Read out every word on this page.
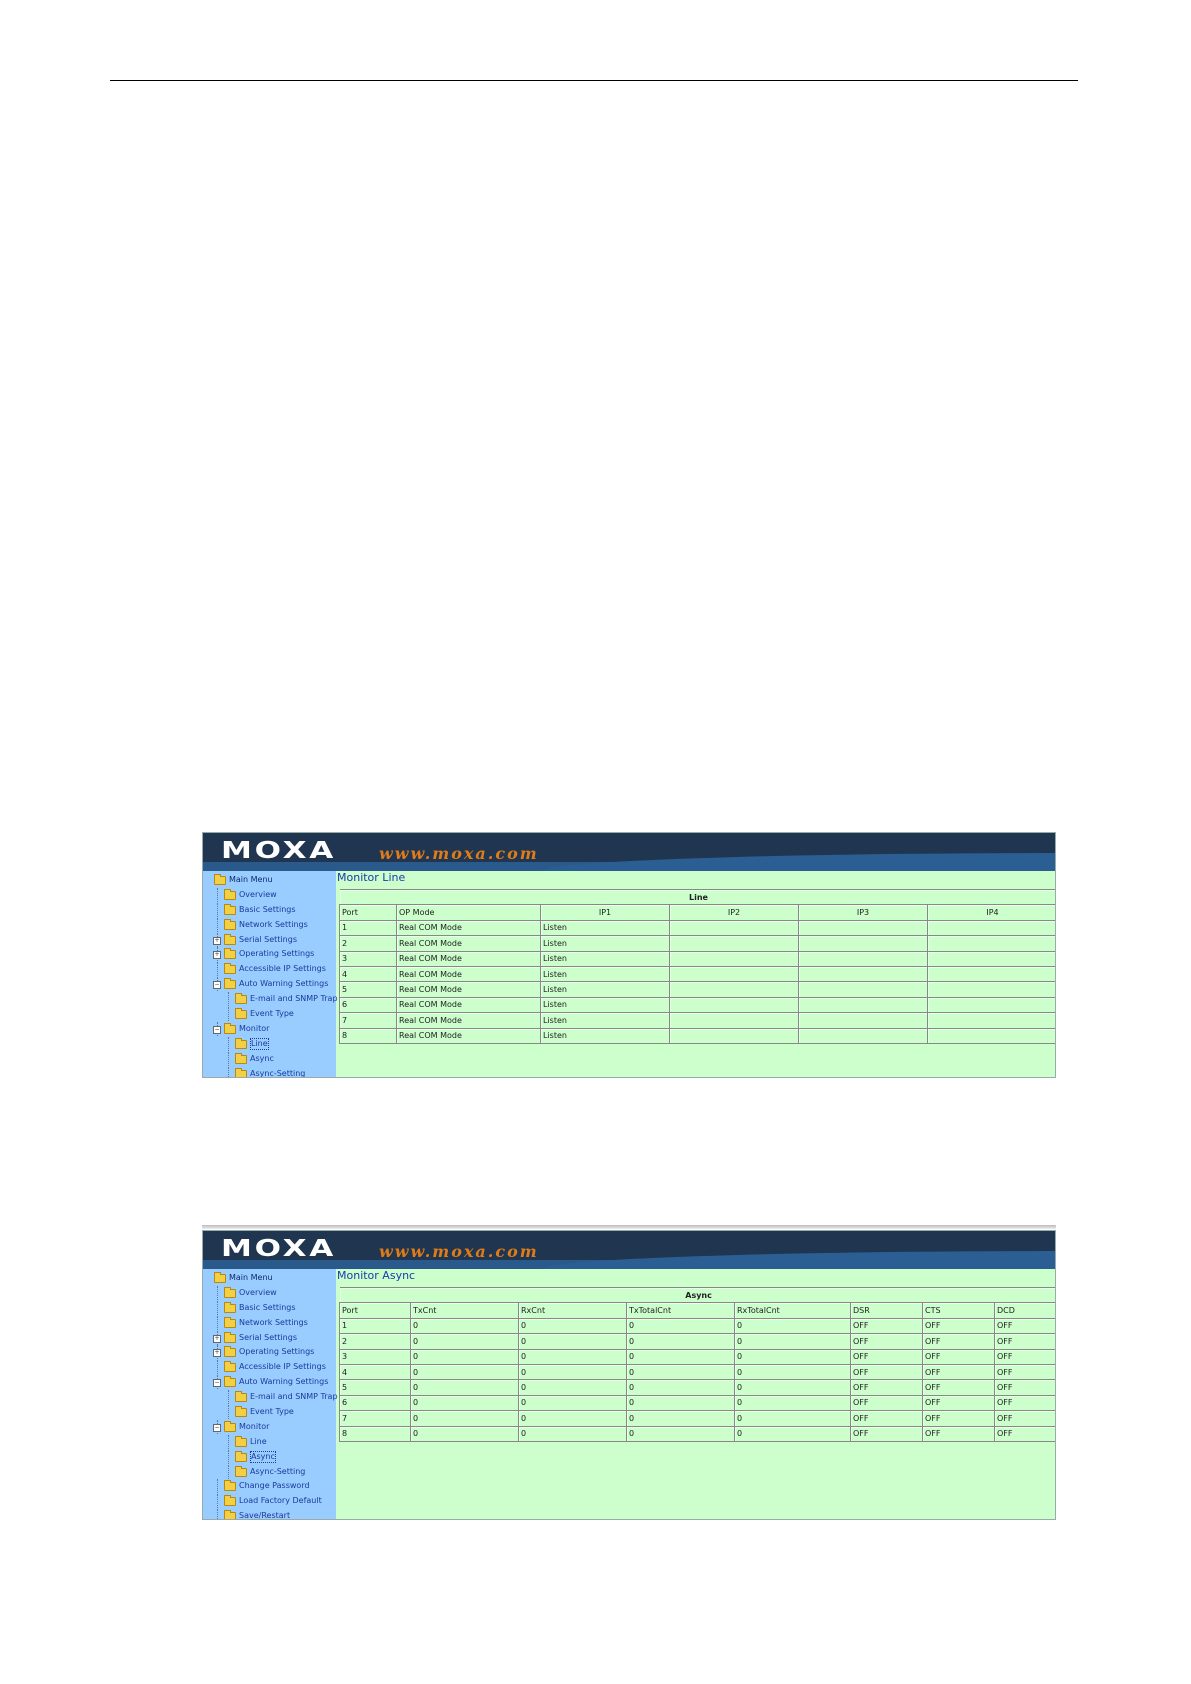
MOXA	www.moxa.com
Main Menu
Overview
Basic Settings
Network Settings
+ Serial Settings
+ Operating Settings
Accessible IP Settings
− Auto Warning Settings
E-mail and SNMP Trap
Event Type
− Monitor
Line
Async
Async-Setting
Monitor Line
Line					
Port	OP Mode	IP1	IP2	IP3	IP4
1	Real COM Mode	Listen			
2	Real COM Mode	Listen			
3	Real COM Mode	Listen			
4	Real COM Mode	Listen			
5	Real COM Mode	Listen			
6	Real COM Mode	Listen			
7	Real COM Mode	Listen			
8	Real COM Mode	Listen			
MOXA	www.moxa.com
Main Menu
Overview
Basic Settings
Network Settings
+ Serial Settings
+ Operating Settings
Accessible IP Settings
− Auto Warning Settings
E-mail and SNMP Trap
Event Type
− Monitor
Line
Async
Async-Setting
Change Password
Load Factory Default
Save/Restart
Monitor Async
Async							
Port	TxCnt	RxCnt	TxTotalCnt	RxTotalCnt	DSR	CTS	DCD
1	0	0	0	0	OFF	OFF	OFF
2	0	0	0	0	OFF	OFF	OFF
3	0	0	0	0	OFF	OFF	OFF
4	0	0	0	0	OFF	OFF	OFF
5	0	0	0	0	OFF	OFF	OFF
6	0	0	0	0	OFF	OFF	OFF
7	0	0	0	0	OFF	OFF	OFF
8	0	0	0	0	OFF	OFF	OFF
